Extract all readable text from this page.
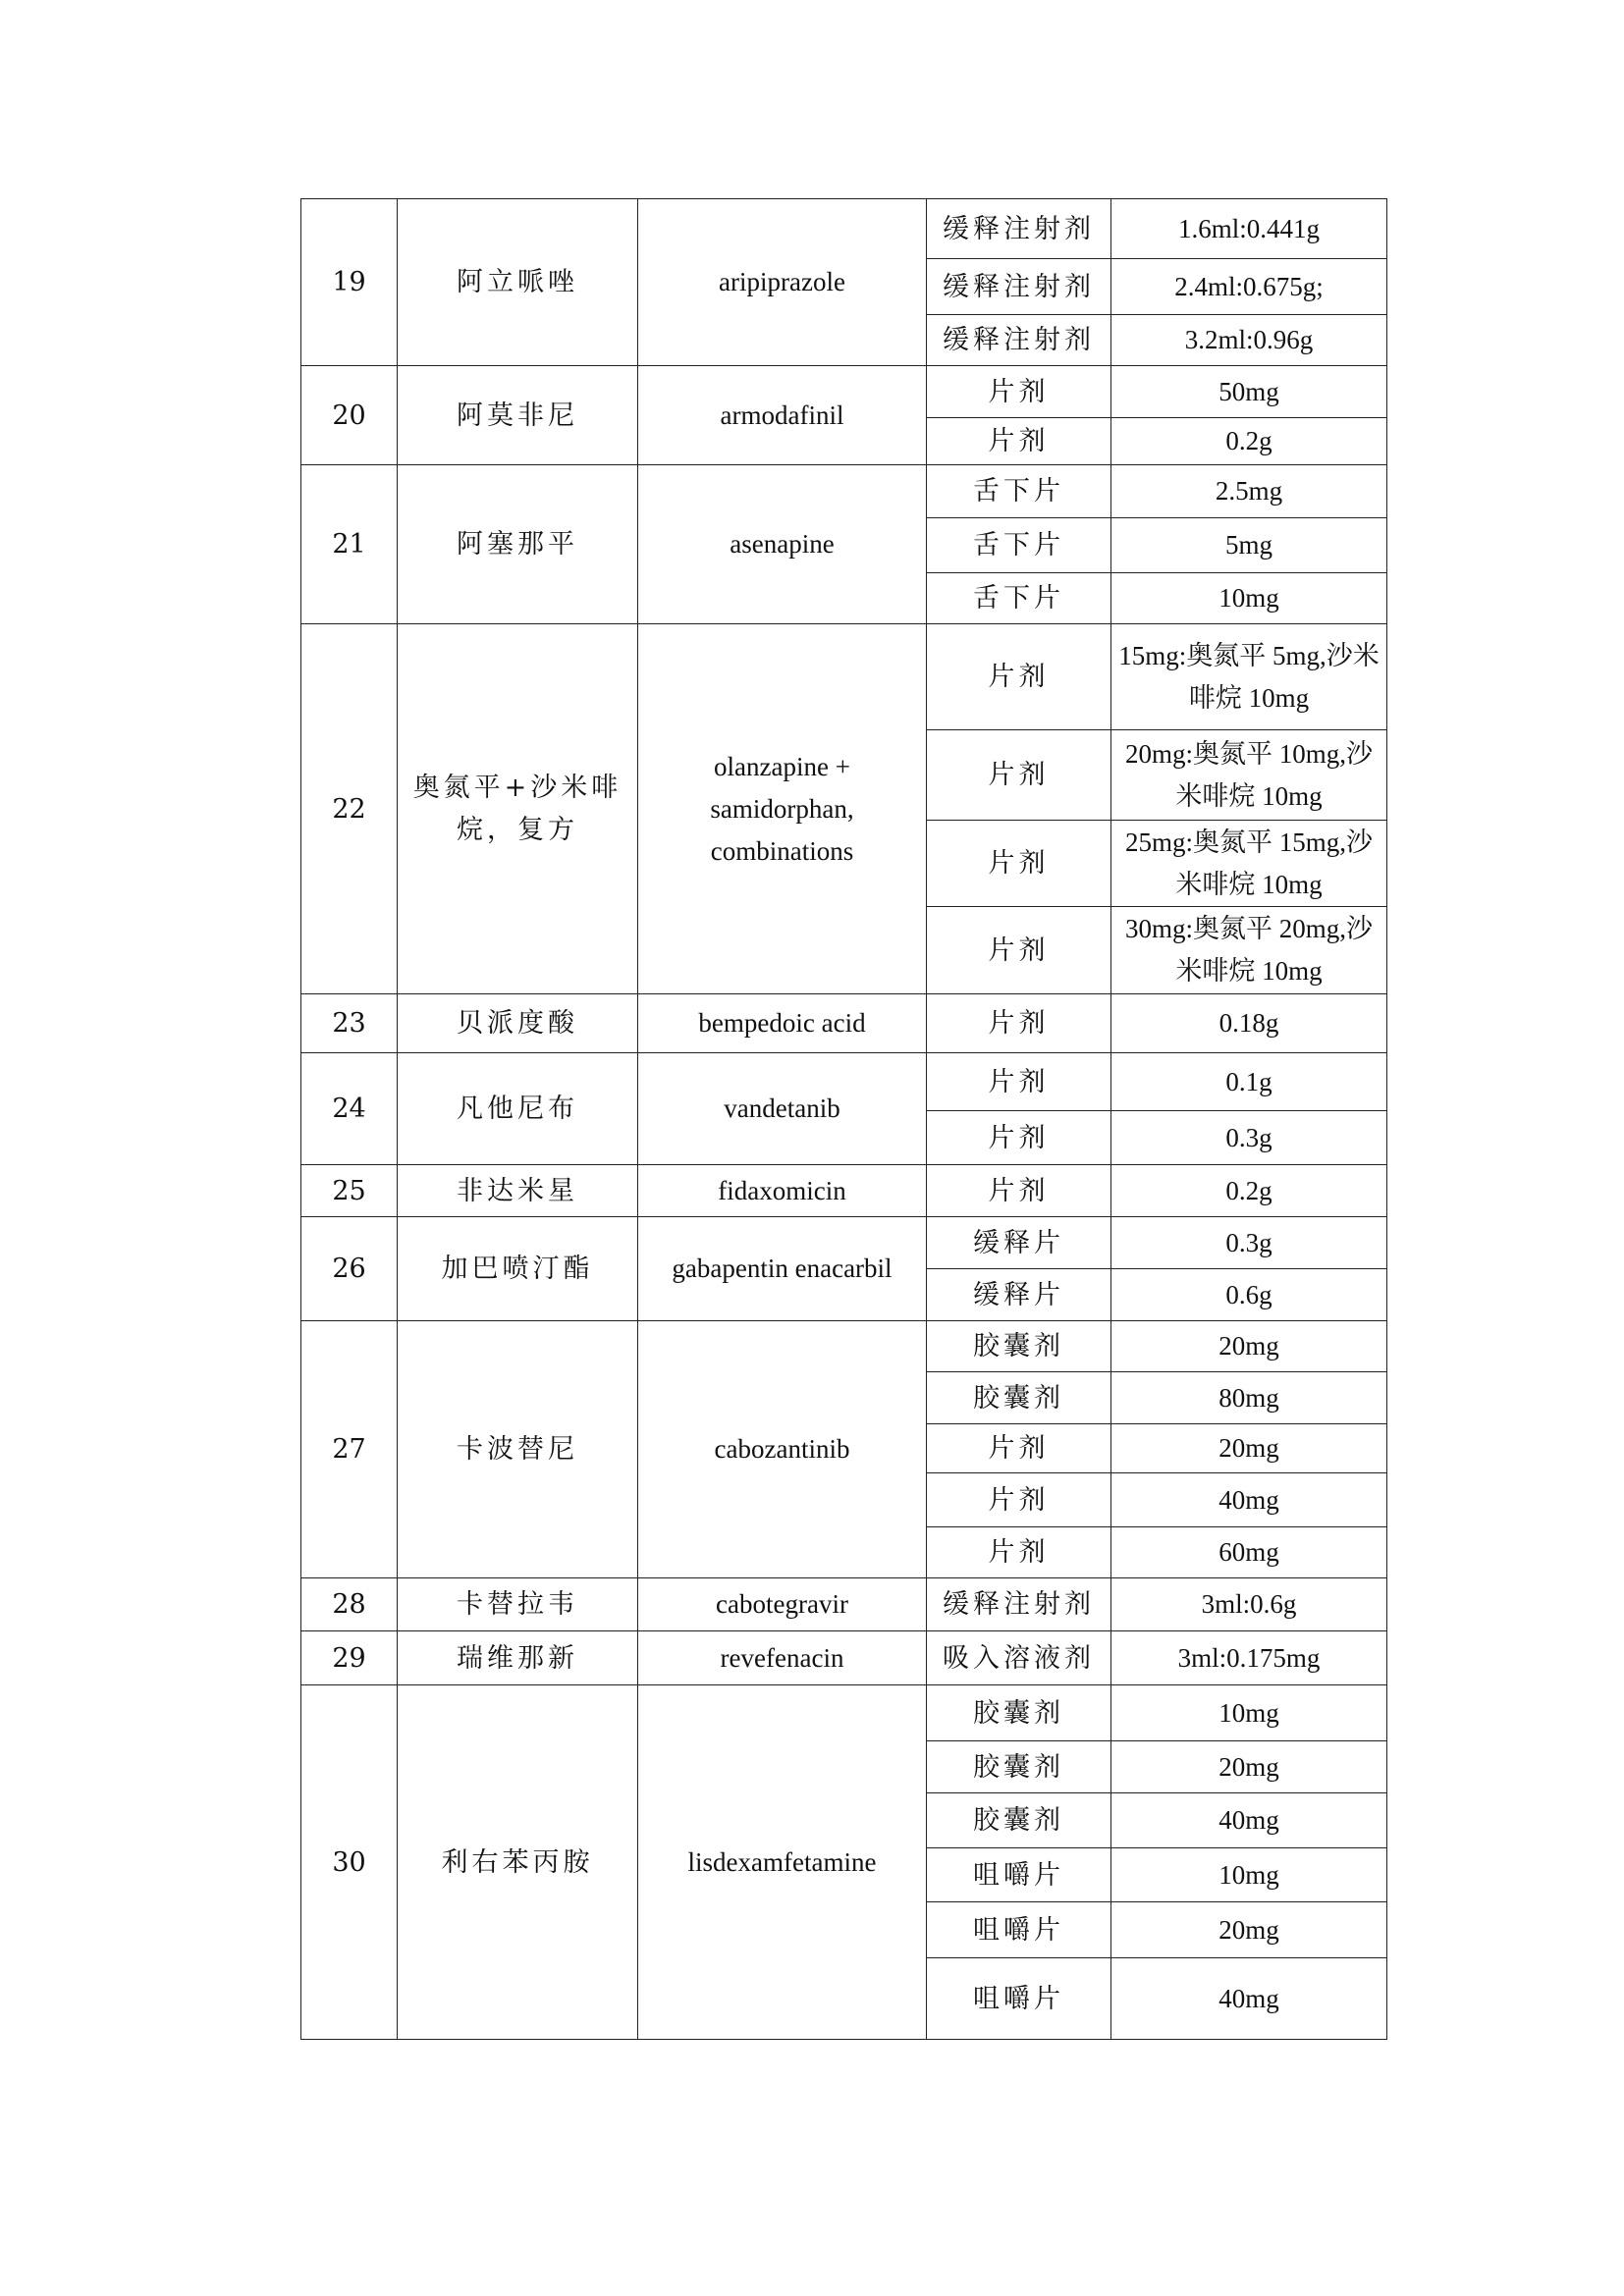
19	阿立哌唑	aripiprazole	缓释注射剂	1.6ml:0.441g
			缓释注射剂	2.4ml:0.675g;
			缓释注射剂	3.2ml:0.96g
20	阿莫非尼	armodafinil	片剂	50mg
			片剂	0.2g
21	阿塞那平	asenapine	舌下片	2.5mg
			舌下片	5mg
			舌下片	10mg
22	奥氮平+沙米啡烷，复方	olanzapine + samidorphan, combinations	片剂	15mg:奥氮平 5mg,沙米啡烷 10mg
			片剂	20mg:奥氮平 10mg,沙米啡烷 10mg
			片剂	25mg:奥氮平 15mg,沙米啡烷 10mg
			片剂	30mg:奥氮平 20mg,沙米啡烷 10mg
23	贝派度酸	bempedoic acid	片剂	0.18g
24	凡他尼布	vandetanib	片剂	0.1g
			片剂	0.3g
25	非达米星	fidaxomicin	片剂	0.2g
26	加巴喷汀酯	gabapentin enacarbil	缓释片	0.3g
			缓释片	0.6g
27	卡波替尼	cabozantinib	胶囊剂	20mg
			胶囊剂	80mg
			片剂	20mg
			片剂	40mg
			片剂	60mg
28	卡替拉韦	cabotegravir	缓释注射剂	3ml:0.6g
29	瑞维那新	revefenacin	吸入溶液剂	3ml:0.175mg
30	利右苯丙胺	lisdexamfetamine	胶囊剂	10mg
			胶囊剂	20mg
			胶囊剂	40mg
			咀嚼片	10mg
			咀嚼片	20mg
			咀嚼片	40mg
